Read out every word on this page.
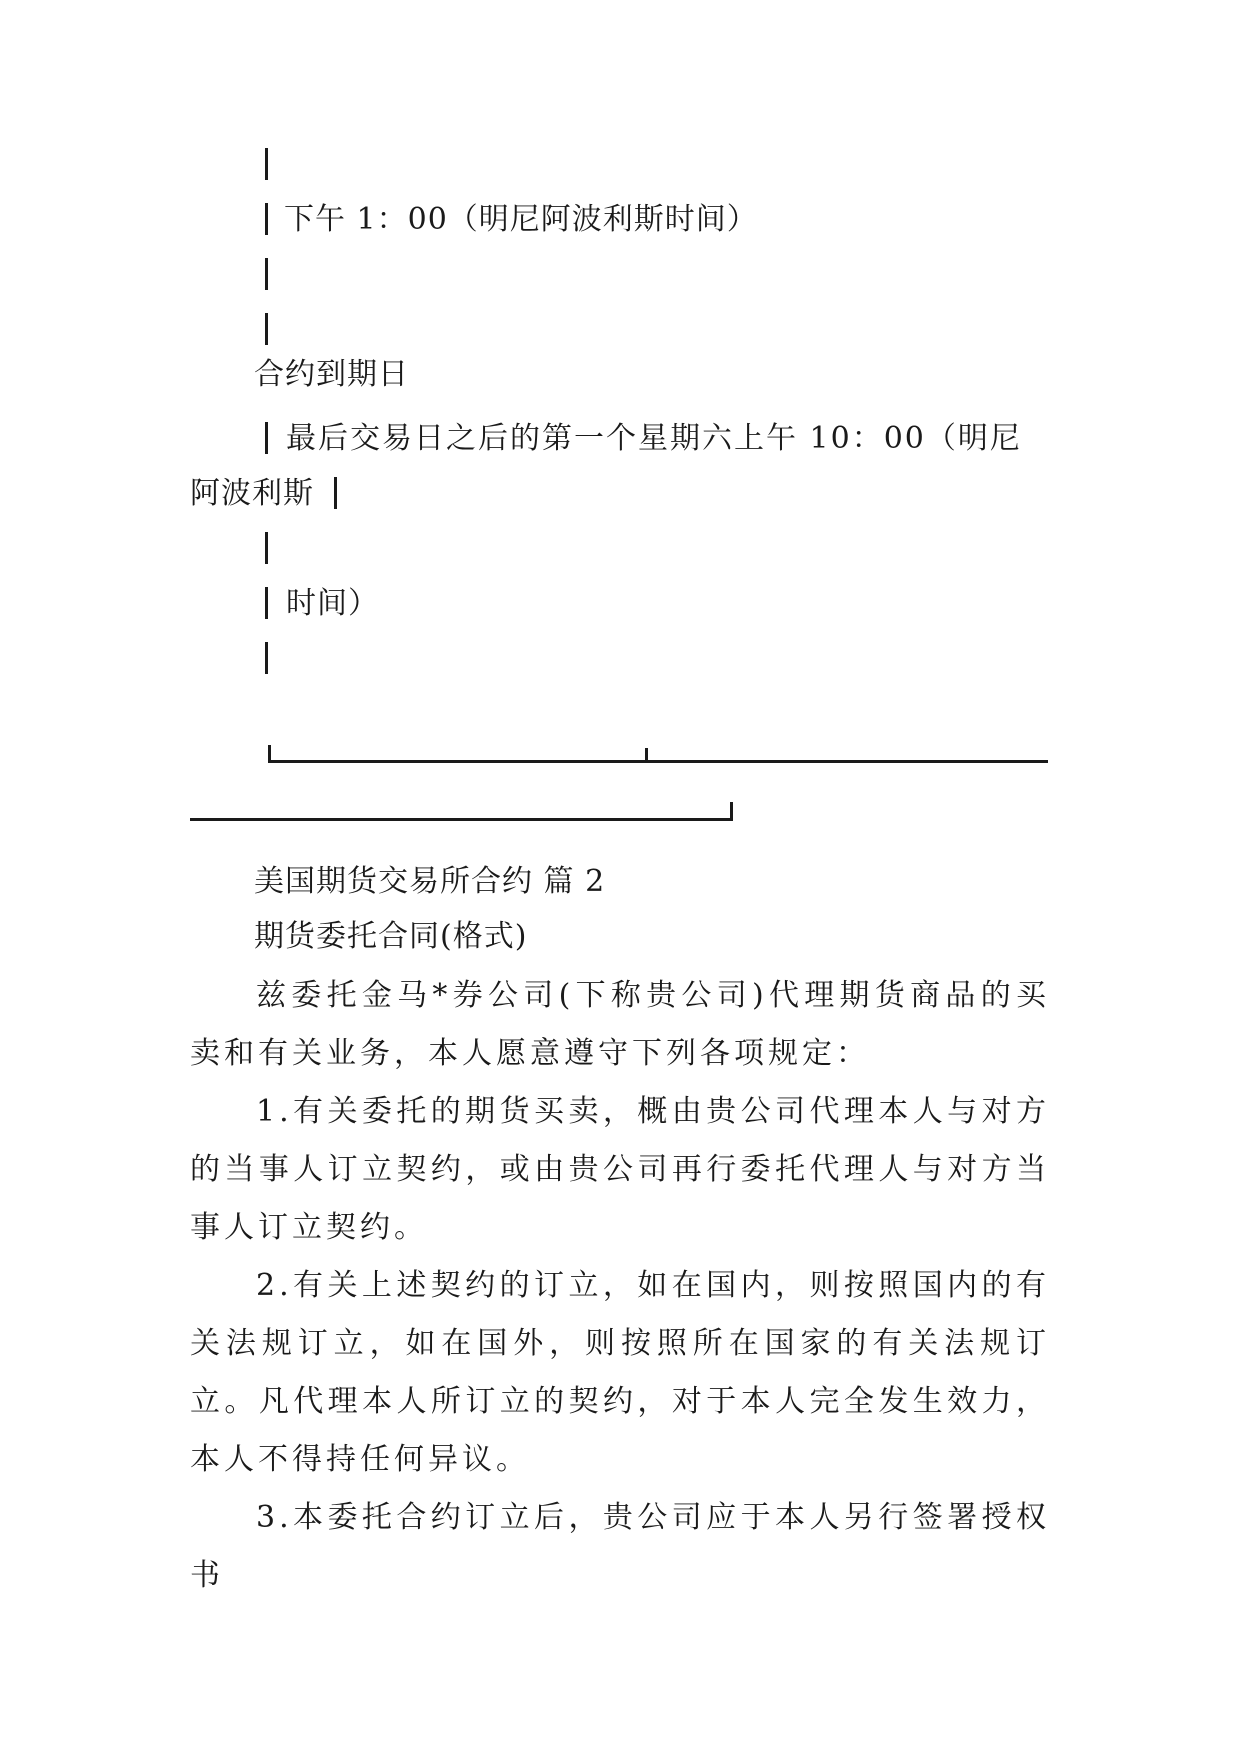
下午 1：00（明尼阿波利斯时间）
合约到期日
最后交易日之后的第一个星期六上午 10：00（明尼
阿波利斯
时间）
美国期货交易所合约 篇 2
期货委托合同(格式)
兹委托金马*券公司(下称贵公司)代理期货商品的买卖和有关业务，本人愿意遵守下列各项规定：
1.有关委托的期货买卖，概由贵公司代理本人与对方的当事人订立契约，或由贵公司再行委托代理人与对方当事人订立契约。
2.有关上述契约的订立，如在国内，则按照国内的有关法规订立，如在国外，则按照所在国家的有关法规订立。凡代理本人所订立的契约，对于本人完全发生效力，本人不得持任何异议。
3.本委托合约订立后，贵公司应于本人另行签署授权书
